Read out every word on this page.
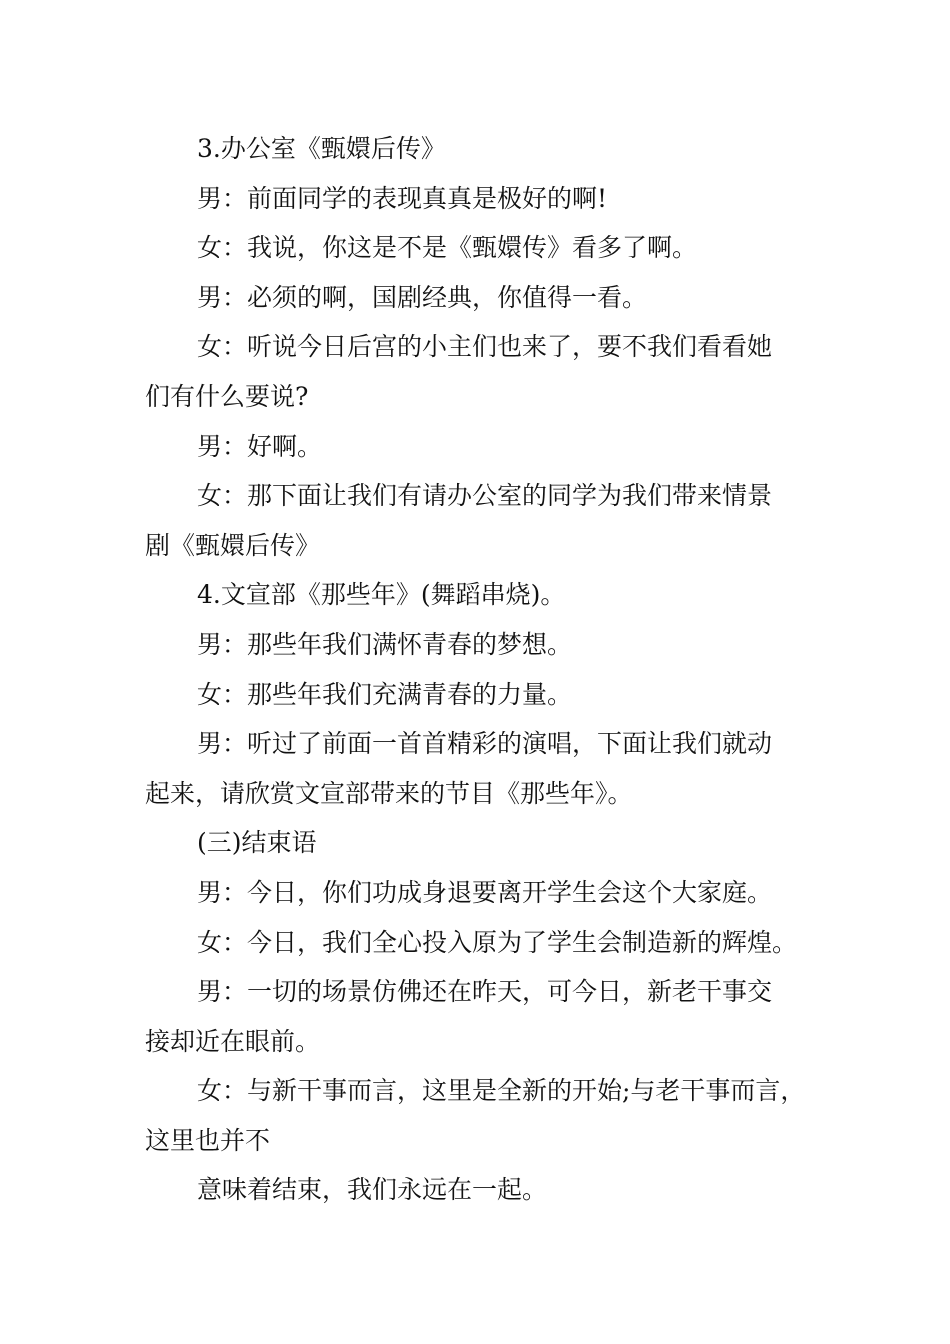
3.办公室《甄嬛后传》

男：前面同学的表现真真是极好的啊!

女：我说，你这是不是《甄嬛传》看多了啊。

男：必须的啊，国剧经典，你值得一看。

女：听说今日后宫的小主们也来了，要不我们看看她

们有什么要说?

男：好啊。

女：那下面让我们有请办公室的同学为我们带来情景

剧《甄嬛后传》

4.文宣部《那些年》(舞蹈串烧)。

男：那些年我们满怀青春的梦想。

女：那些年我们充满青春的力量。

男：听过了前面一首首精彩的演唱，下面让我们就动

起来，请欣赏文宣部带来的节目《那些年》。

(三)结束语

男：今日，你们功成身退要离开学生会这个大家庭。

女：今日，我们全心投入原为了学生会制造新的辉煌。

男：一切的场景仿佛还在昨天，可今日，新老干事交

接却近在眼前。

女：与新干事而言，这里是全新的开始;与老干事而言，

这里也并不

意味着结束，我们永远在一起。
